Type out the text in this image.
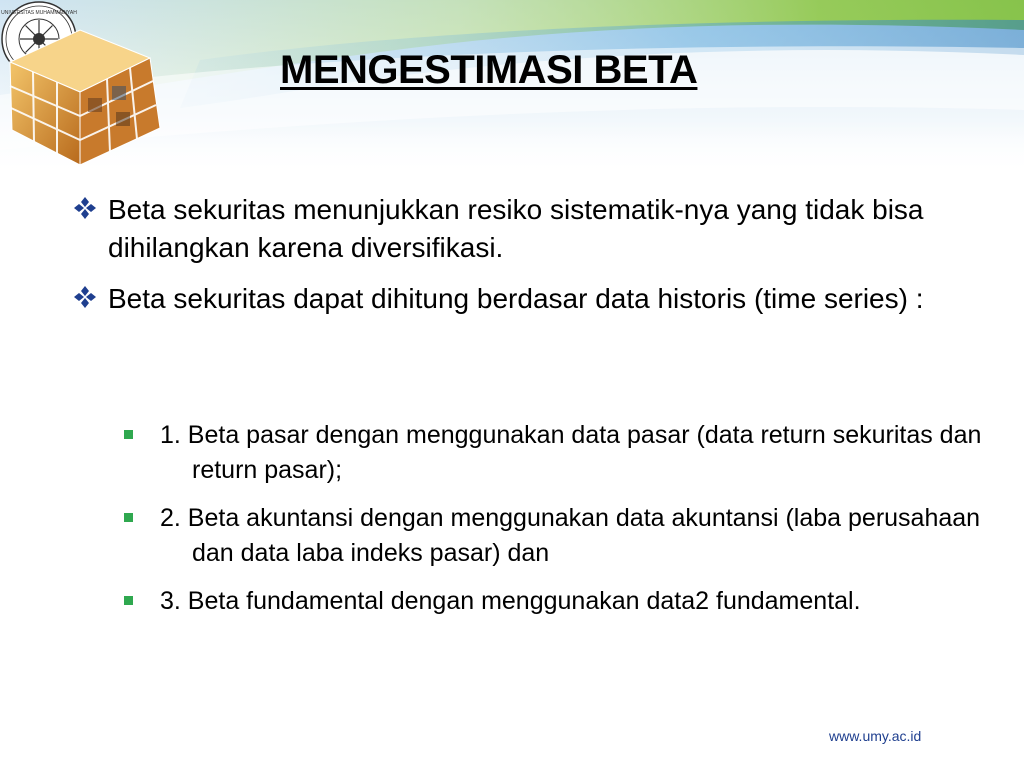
UNIVERSITAS MUHAMMADIYAH
MENGESTIMASI BETA
Beta sekuritas menunjukkan resiko sistematik-nya yang tidak bisa dihilangkan karena diversifikasi.
Beta sekuritas dapat dihitung berdasar data historis (time series) :
1. Beta pasar dengan menggunakan data pasar (data return sekuritas dan return pasar);
2. Beta akuntansi dengan menggunakan data akuntansi (laba perusahaan dan data laba indeks pasar) dan
3. Beta fundamental dengan menggunakan data2 fundamental.
www.umy.ac.id
